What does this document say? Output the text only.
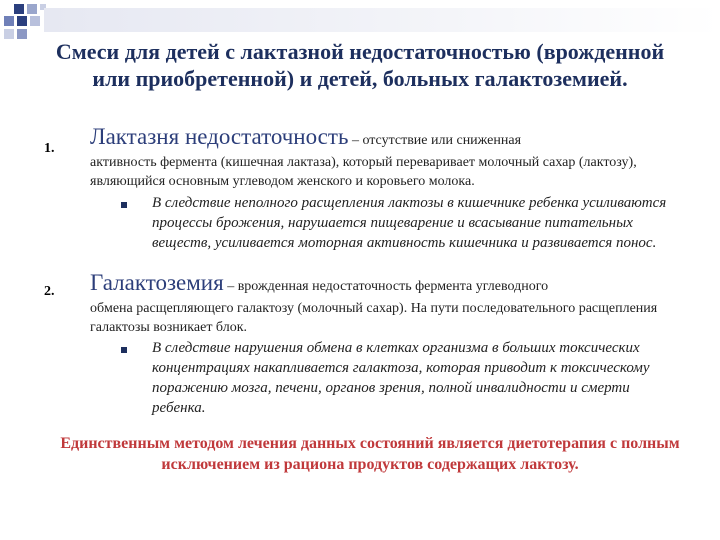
Смеси для детей с лактазной недостаточностью (врожденной или приобретенной) и детей, больных галактоземией.
1. Лактазня недостаточность – отсутствие или сниженная
активность фермента (кишечная лактаза), который переваривает молочный сахар (лактозу), являющийся основным углеводом женского и коровьего молока.
В следствие неполного расщепления лактозы в кишечнике ребенка усиливаются процессы брожения, нарушается пищеварение и всасывание питательных веществ, усиливается моторная активность кишечника и развивается понос.
2. Галактоземия – врожденная недостаточность фермента углеводного
обмена расщепляющего галактозу (молочный сахар). На пути последовательного расщепления галактозы возникает блок.
В следствие нарушения обмена в клетках организма в больших токсических концентрациях накапливается галактоза, которая приводит к токсическому поражению мозга, печени, органов зрения, полной инвалидности и смерти ребенка.
Единственным методом лечения данных состояний является диетотерапия с полным исключением из рациона продуктов содержащих лактозу.
